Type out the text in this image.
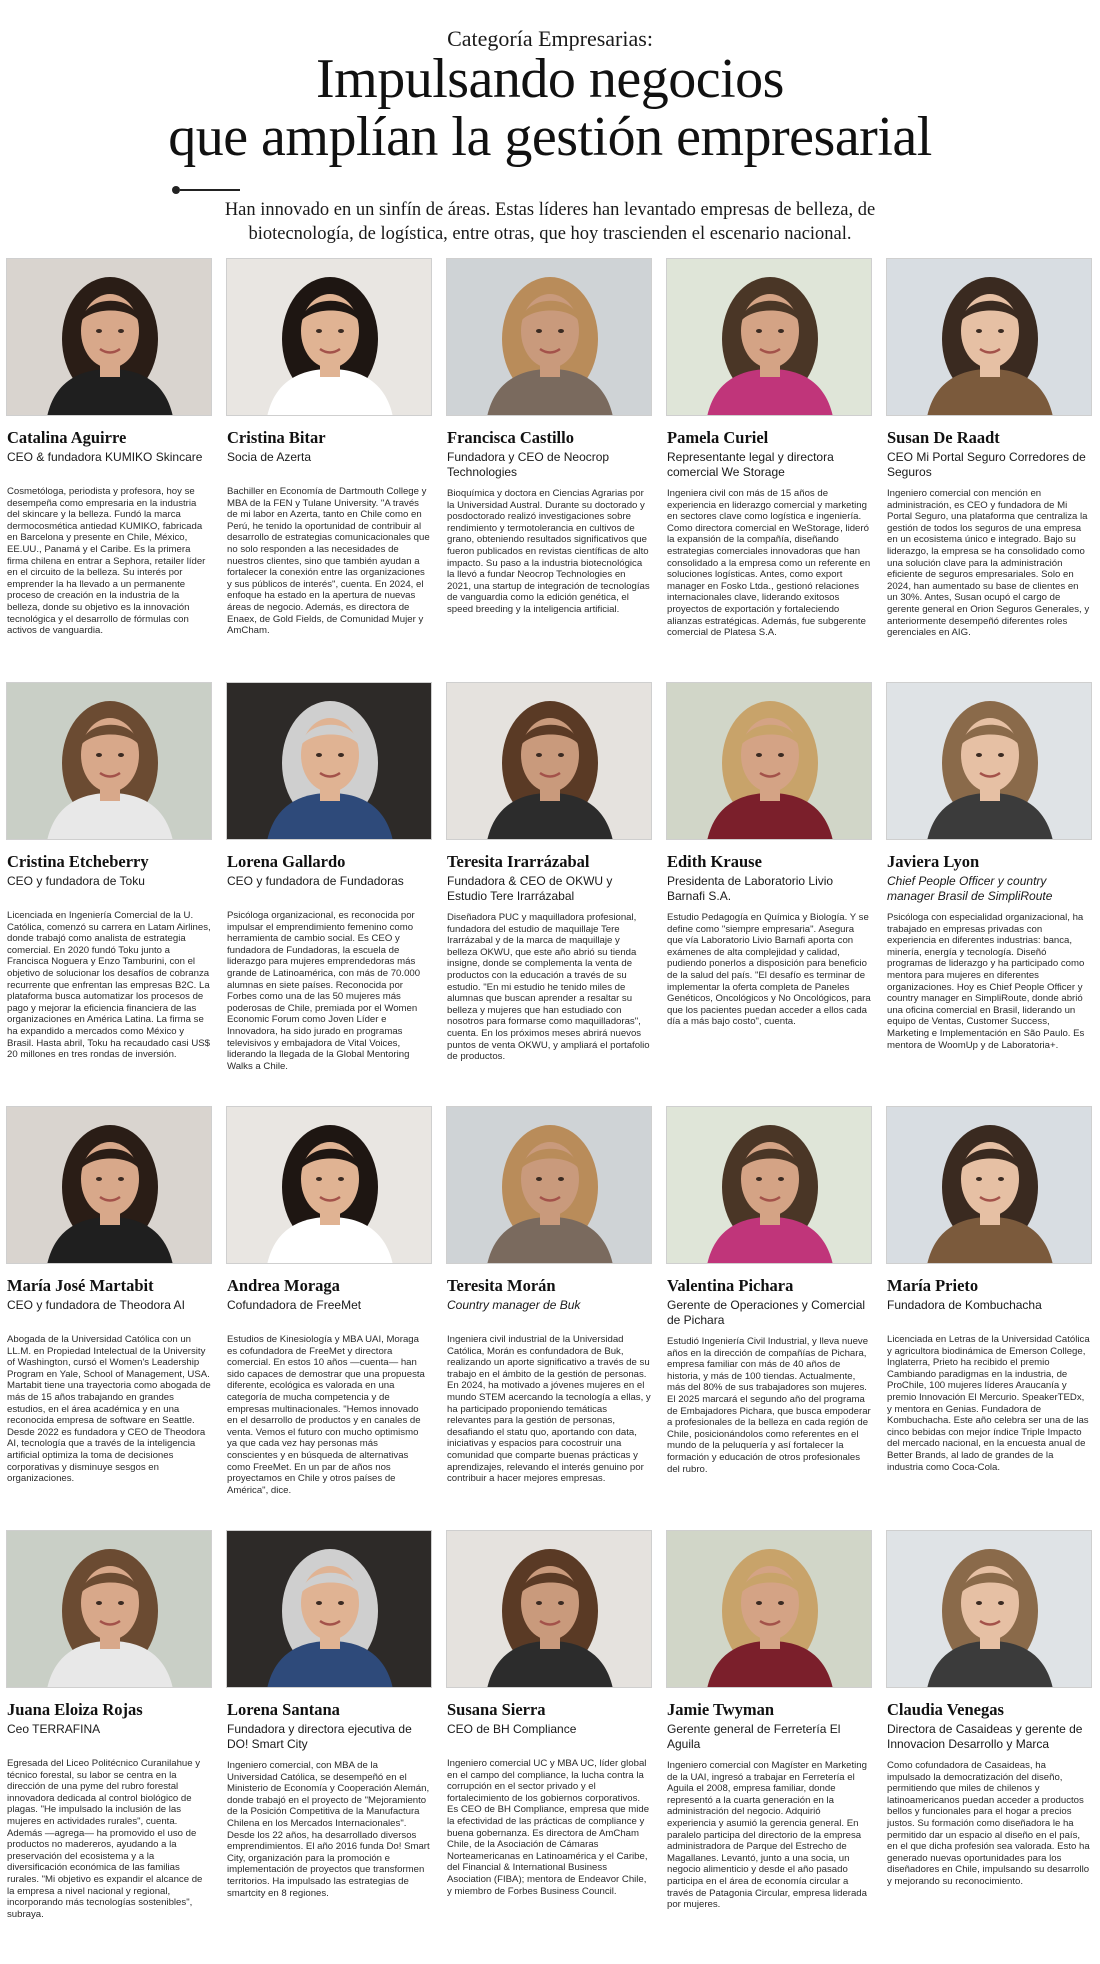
Categoría Empresarias:
Impulsando negocios
que amplían la gestión empresarial
Han innovado en un sinfín de áreas. Estas líderes han levantado empresas de belleza, de biotecnología, de logística, entre otras, que hoy trascienden el escenario nacional.
Catalina Aguirre
CEO & fundadora KUMIKO Skincare
Cosmetóloga, periodista y profesora, hoy se desempeña como empresaria en la industria del skincare y la belleza. Fundó la marca dermocosmética antiedad KUMIKO, fabricada en Barcelona y presente en Chile, México, EE.UU., Panamá y el Caribe. Es la primera firma chilena en entrar a Sephora, retailer líder en el circuito de la belleza. Su interés por emprender la ha llevado a un permanente proceso de creación en la industria de la belleza, donde su objetivo es la innovación tecnológica y el desarrollo de fórmulas con activos de vanguardia.
Cristina Bitar
Socia de Azerta
Bachiller en Economía de Dartmouth College y MBA de la FEN y Tulane University. "A través de mi labor en Azerta, tanto en Chile como en Perú, he tenido la oportunidad de contribuir al desarrollo de estrategias comunicacionales que no solo responden a las necesidades de nuestros clientes, sino que también ayudan a fortalecer la conexión entre las organizaciones y sus públicos de interés", cuenta. En 2024, el enfoque ha estado en la apertura de nuevas áreas de negocio. Además, es directora de Enaex, de Gold Fields, de Comunidad Mujer y AmCham.
Francisca Castillo
Fundadora y CEO de Neocrop Technologies
Bioquímica y doctora en Ciencias Agrarias por la Universidad Austral. Durante su doctorado y posdoctorado realizó investigaciones sobre rendimiento y termotolerancia en cultivos de grano, obteniendo resultados significativos que fueron publicados en revistas científicas de alto impacto. Su paso a la industria biotecnológica la llevó a fundar Neocrop Technologies en 2021, una startup de integración de tecnologías de vanguardia como la edición genética, el speed breeding y la inteligencia artificial.
Pamela Curiel
Representante legal y directora comercial We Storage
Ingeniera civil con más de 15 años de experiencia en liderazgo comercial y marketing en sectores clave como logística e ingeniería. Como directora comercial en WeStorage, lideró la expansión de la compañía, diseñando estrategias comerciales innovadoras que han consolidado a la empresa como un referente en soluciones logísticas. Antes, como export manager en Fosko Ltda., gestionó relaciones internacionales clave, liderando exitosos proyectos de exportación y fortaleciendo alianzas estratégicas. Además, fue subgerente comercial de Platesa S.A.
Susan De Raadt
CEO Mi Portal Seguro Corredores de Seguros
Ingeniero comercial con mención en administración, es CEO y fundadora de Mi Portal Seguro, una plataforma que centraliza la gestión de todos los seguros de una empresa en un ecosistema único e integrado. Bajo su liderazgo, la empresa se ha consolidado como una solución clave para la administración eficiente de seguros empresariales. Solo en 2024, han aumentado su base de clientes en un 30%. Antes, Susan ocupó el cargo de gerente general en Orion Seguros Generales, y anteriormente desempeñó diferentes roles gerenciales en AIG.
Cristina Etcheberry
CEO y fundadora de Toku
Licenciada en Ingeniería Comercial de la U. Católica, comenzó su carrera en Latam Airlines, donde trabajó como analista de estrategia comercial. En 2020 fundó Toku junto a Francisca Noguera y Enzo Tamburini, con el objetivo de solucionar los desafíos de cobranza recurrente que enfrentan las empresas B2C. La plataforma busca automatizar los procesos de pago y mejorar la eficiencia financiera de las organizaciones en América Latina. La firma se ha expandido a mercados como México y Brasil. Hasta abril, Toku ha recaudado casi US$ 20 millones en tres rondas de inversión.
Lorena Gallardo
CEO y fundadora de Fundadoras
Psicóloga organizacional, es reconocida por impulsar el emprendimiento femenino como herramienta de cambio social. Es CEO y fundadora de Fundadoras, la escuela de liderazgo para mujeres emprendedoras más grande de Latinoamérica, con más de 70.000 alumnas en siete países. Reconocida por Forbes como una de las 50 mujeres más poderosas de Chile, premiada por el Women Economic Forum como Joven Líder e Innovadora, ha sido jurado en programas televisivos y embajadora de Vital Voices, liderando la llegada de la Global Mentoring Walks a Chile.
Teresita Irarrázabal
Fundadora & CEO de OKWU y Estudio Tere Irarrázabal
Diseñadora PUC y maquilladora profesional, fundadora del estudio de maquillaje Tere Irarrázabal y de la marca de maquillaje y belleza OKWU, que este año abrió su tienda insigne, donde se complementa la venta de productos con la educación a través de su estudio. "En mi estudio he tenido miles de alumnas que buscan aprender a resaltar su belleza y mujeres que han estudiado con nosotros para formarse como maquilladoras", cuenta. En los próximos meses abrirá nuevos puntos de venta OKWU, y ampliará el portafolio de productos.
Edith Krause
Presidenta de Laboratorio Livio Barnafi S.A.
Estudio Pedagogía en Química y Biología. Y se define como "siempre empresaria". Asegura que vía Laboratorio Livio Barnafi aporta con exámenes de alta complejidad y calidad, pudiendo ponerlos a disposición para beneficio de la salud del país. "El desafío es terminar de implementar la oferta completa de Paneles Genéticos, Oncológicos y No Oncológicos, para que los pacientes puedan acceder a ellos cada día a más bajo costo", cuenta.
Javiera Lyon
Chief People Officer y country manager Brasil de SimpliRoute
Psicóloga con especialidad organizacional, ha trabajado en empresas privadas con experiencia en diferentes industrias: banca, minería, energía y tecnología. Diseñó programas de liderazgo y ha participado como mentora para mujeres en diferentes organizaciones. Hoy es Chief People Officer y country manager en SimpliRoute, donde abrió una oficina comercial en Brasil, liderando un equipo de Ventas, Customer Success, Marketing e Implementación en São Paulo. Es mentora de WoomUp y de Laboratoria+.
María José Martabit
CEO y fundadora de Theodora AI
Abogada de la Universidad Católica con un LL.M. en Propiedad Intelectual de la University of Washington, cursó el Women's Leadership Program en Yale, School of Management, USA. Martabit tiene una trayectoria como abogada de más de 15 años trabajando en grandes estudios, en el área académica y en una reconocida empresa de software en Seattle. Desde 2022 es fundadora y CEO de Theodora AI, tecnología que a través de la inteligencia artificial optimiza la toma de decisiones corporativas y disminuye sesgos en organizaciones.
Andrea Moraga
Cofundadora de FreeMet
Estudios de Kinesiología y MBA UAI, Moraga es cofundadora de FreeMet y directora comercial. En estos 10 años —cuenta— han sido capaces de demostrar que una propuesta diferente, ecológica es valorada en una categoría de mucha competencia y de empresas multinacionales. "Hemos innovado en el desarrollo de productos y en canales de venta. Vemos el futuro con mucho optimismo ya que cada vez hay personas más conscientes y en búsqueda de alternativas como FreeMet. En un par de años nos proyectamos en Chile y otros países de América", dice.
Teresita Morán
Country manager de Buk
Ingeniera civil industrial de la Universidad Católica, Morán es confundadora de Buk, realizando un aporte significativo a través de su trabajo en el ámbito de la gestión de personas. En 2024, ha motivado a jóvenes mujeres en el mundo STEM acercando la tecnología a ellas, y ha participado proponiendo temáticas relevantes para la gestión de personas, desafiando el statu quo, aportando con data, iniciativas y espacios para cocostruir una comunidad que comparte buenas prácticas y aprendizajes, relevando el interés genuino por contribuir a hacer mejores empresas.
Valentina Pichara
Gerente de Operaciones y Comercial de Pichara
Estudió Ingeniería Civil Industrial, y lleva nueve años en la dirección de compañías de Pichara, empresa familiar con más de 40 años de historia, y más de 100 tiendas. Actualmente, más del 80% de sus trabajadores son mujeres. El 2025 marcará el segundo año del programa de Embajadores Pichara, que busca empoderar a profesionales de la belleza en cada región de Chile, posicionándolos como referentes en el mundo de la peluquería y así fortalecer la formación y educación de otros profesionales del rubro.
María Prieto
Fundadora de Kombuchacha
Licenciada en Letras de la Universidad Católica y agricultora biodinámica de Emerson College, Inglaterra, Prieto ha recibido el premio Cambiando paradigmas en la industria, de ProChile, 100 mujeres líderes Araucanía y premio Innovación El Mercurio. SpeakerTEDx, y mentora en Genias. Fundadora de Kombuchacha. Este año celebra ser una de las cinco bebidas con mejor índice Triple Impacto del mercado nacional, en la encuesta anual de Better Brands, al lado de grandes de la industria como Coca-Cola.
Juana Eloiza Rojas
Ceo TERRAFINA
Egresada del Liceo Politécnico Curanilahue y técnico forestal, su labor se centra en la dirección de una pyme del rubro forestal innovadora dedicada al control biológico de plagas. "He impulsado la inclusión de las mujeres en actividades rurales", cuenta. Además —agrega— ha promovido el uso de productos no madereros, ayudando a la preservación del ecosistema y a la diversificación económica de las familias rurales. "Mi objetivo es expandir el alcance de la empresa a nivel nacional y regional, incorporando más tecnologías sostenibles", subraya.
Lorena Santana
Fundadora y directora ejecutiva de DO! Smart City
Ingeniero comercial, con MBA de la Universidad Católica, se desempeñó en el Ministerio de Economía y Cooperación Alemán, donde trabajó en el proyecto de "Mejoramiento de la Posición Competitiva de la Manufactura Chilena en los Mercados Internacionales". Desde los 22 años, ha desarrollado diversos emprendimientos. El año 2016 funda Do! Smart City, organización para la promoción e implementación de proyectos que transformen territorios. Ha impulsado las estrategias de smartcity en 8 regiones.
Susana Sierra
CEO de BH Compliance
Ingeniero comercial UC y MBA UC, líder global en el campo del compliance, la lucha contra la corrupción en el sector privado y el fortalecimiento de los gobiernos corporativos. Es CEO de BH Compliance, empresa que mide la efectividad de las prácticas de compliance y buena gobernanza. Es directora de AmCham Chile, de la Asociación de Cámaras Norteamericanas en Latinoamérica y el Caribe, del Financial & International Business Asociation (FIBA); mentora de Endeavor Chile, y miembro de Forbes Business Council.
Jamie Twyman
Gerente general de Ferretería El Aguila
Ingeniero comercial con Magíster en Marketing de la UAI, ingresó a trabajar en Ferretería el Aguila el 2008, empresa familiar, donde representó a la cuarta generación en la administración del negocio. Adquirió experiencia y asumió la gerencia general. En paralelo participa del directorio de la empresa administradora de Parque del Estrecho de Magallanes. Levantó, junto a una socia, un negocio alimenticio y desde el año pasado participa en el área de economía circular a través de Patagonia Circular, empresa liderada por mujeres.
Claudia Venegas
Directora de Casaideas y gerente de Innovacion Desarrollo y Marca
Como cofundadora de Casaideas, ha impulsado la democratización del diseño, permitiendo que miles de chilenos y latinoamericanos puedan acceder a productos bellos y funcionales para el hogar a precios justos. Su formación como diseñadora le ha permitido dar un espacio al diseño en el país, en el que dicha profesión sea valorada. Esto ha generado nuevas oportunidades para los diseñadores en Chile, impulsando su desarrollo y mejorando su reconocimiento.
